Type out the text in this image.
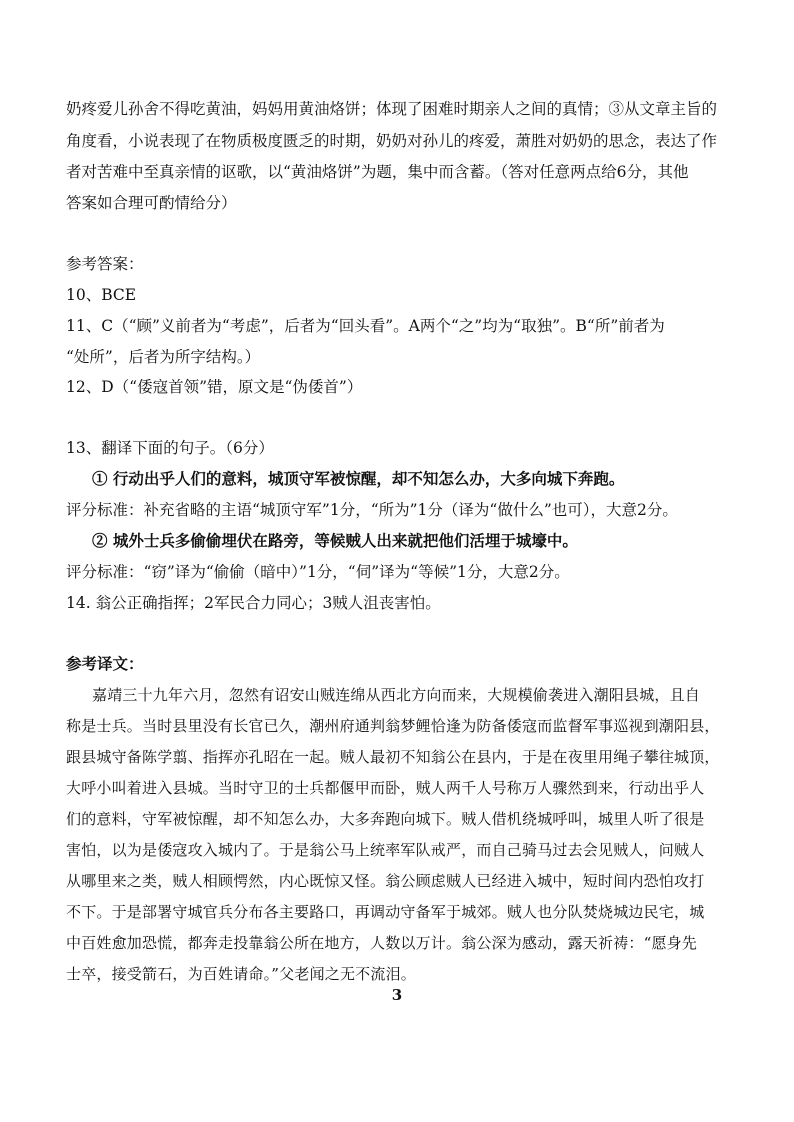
奶疼爱儿孙舍不得吃黄油，妈妈用黄油烙饼；体现了困难时期亲人之间的真情；③从文章主旨的
角度看，小说表现了在物质极度匮乏的时期，奶奶对孙儿的疼爱，萧胜对奶奶的思念，表达了作
者对苦难中至真亲情的讴歌，以“黄油烙饼”为题，集中而含蓄。（答对任意两点给6分，其他
答案如合理可酌情给分）
参考答案：
10、BCE
11、C（“顾”义前者为“考虑”，后者为“回头看”。A两个“之”均为“取独”。B“所”前者为
“处所”，后者为所字结构。）
12、D（“倭寇首领”错，原文是“伪倭首”）
13、翻译下面的句子。（6分）
① 行动出乎人们的意料，城顶守军被惊醒，却不知怎么办，大多向城下奔跑。
评分标准：补充省略的主语“城顶守军”1分，“所为”1分（译为“做什么”也可），大意2分。
② 城外士兵多偷偷埋伏在路旁，等候贼人出来就把他们活埋于城壕中。
评分标准：“窃”译为“偷偷（暗中）”1分，“伺”译为“等候”1分，大意2分。
14. 翁公正确指挥；2军民合力同心；3贼人沮丧害怕。
参考译文：
嘉靖三十九年六月，忽然有诏安山贼连绵从西北方向而来，大规模偷袭进入潮阳县城，且自
称是士兵。当时县里没有长官已久，潮州府通判翁梦鲤恰逢为防备倭寇而监督军事巡视到潮阳县，
跟县城守备陈学翦、指挥亦孔昭在一起。贼人最初不知翁公在县内，于是在夜里用绳子攀往城顶，
大呼小叫着进入县城。当时守卫的士兵都偃甲而卧，贼人两千人号称万人骤然到来，行动出乎人
们的意料，守军被惊醒，却不知怎么办，大多奔跑向城下。贼人借机绕城呼叫，城里人听了很是
害怕，以为是倭寇攻入城内了。于是翁公马上统率军队戒严，而自己骑马过去会见贼人，问贼人
从哪里来之类，贼人相顾愕然，内心既惊又怪。翁公顾虑贼人已经进入城中，短时间内恐怕攻打
不下。于是部署守城官兵分布各主要路口，再调动守备军于城郊。贼人也分队焚烧城边民宅，城
中百姓愈加恐慌，都奔走投靠翁公所在地方，人数以万计。翁公深为感动，露天祈祷：“愿身先
士卒，接受箭石，为百姓请命。”父老闻之无不流泪。
3
